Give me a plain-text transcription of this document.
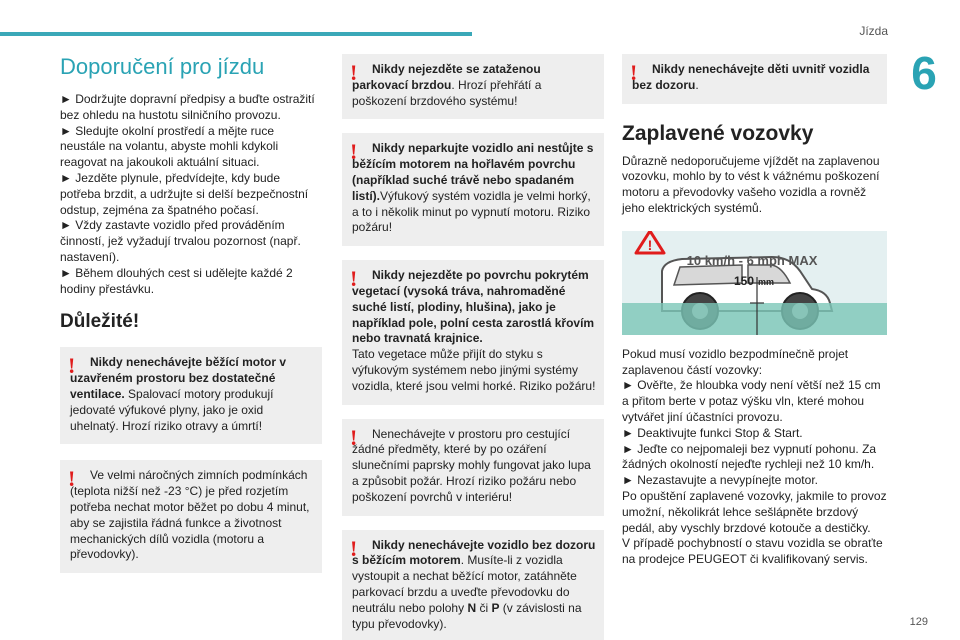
Jízda
6
Doporučení pro jízdu

► Dodržujte dopravní předpisy a buďte ostražití bez ohledu na hustotu silničního provozu.
► Sledujte okolní prostředí a mějte ruce neustále na volantu, abyste mohli kdykoli reagovat na jakoukoli aktuální situaci.
► Jezděte plynule, předvídejte, kdy bude potřeba brzdit, a udržujte si delší bezpečnostní odstup, zejména za špatného počasí.
► Vždy zastavte vozidlo před prováděním činností, jež vyžadují trvalou pozornost (např. nastavení).
► Během dlouhých cest si udělejte každé 2 hodiny přestávku.

Důležité!
! Nikdy nenechávejte běžící motor v uzavřeném prostoru bez dostatečné ventilace. Spalovací motory produkují jedovaté výfukové plyny, jako je oxid uhelnatý. Hrozí riziko otravy a úmrtí!
! Ve velmi náročných zimních podmínkách (teplota nižší než -23 °C) je před rozjetím potřeba nechat motor běžet po dobu 4 minut, aby se zajistila řádná funkce a životnost mechanických dílů vozidla (motoru a převodovky).
! Nikdy nejezděte se zataženou parkovací brzdou. Hrozí přehřátí a poškození brzdového systému!
! Nikdy neparkujte vozidlo ani nestůjte s běžícím motorem na hořlavém povrchu (například suché trávě nebo spadaném listí).Výfukový systém vozidla je velmi horký, a to i několik minut po vypnutí motoru. Riziko požáru!
! Nikdy nejezděte po povrchu pokrytém vegetací (vysoká tráva, nahromaděné suché listí, plodiny, hlušina), jako je například pole, polní cesta zarostlá křovím nebo travnatá krajnice.
Tato vegetace může přijít do styku s výfukovým systémem nebo jinými systémy vozidla, které jsou velmi horké. Riziko požáru!
! Nenechávejte v prostoru pro cestující žádné předměty, které by po ozáření slunečními paprsky mohly fungovat jako lupa a způsobit požár. Hrozí riziko požáru nebo poškození povrchů v interiéru!
! Nikdy nenechávejte vozidlo bez dozoru s běžícím motorem. Musíte-li z vozidla vystoupit a nechat běžící motor, zatáhněte parkovací brzdu a uveďte převodovku do neutrálu nebo polohy N či P (v závislosti na typu převodovky).
! Nikdy nenechávejte děti uvnitř vozidla bez dozoru.
Zaplavené vozovky

Důrazně nedoporučujeme vjíždět na zaplavenou vozovku, mohlo by to vést k vážnému poškození motoru a převodovky vašeho vozidla a rovněž jeho elektrických systémů.

!
10 km/h - 6 mph MAX
150 mm

Pokud musí vozidlo bezpodmínečně projet zaplavenou částí vozovky:
► Ověřte, že hloubka vody není větší než 15 cm a přitom berte v potaz výšku vln, které mohou vytvářet jiní účastníci provozu.
► Deaktivujte funkci Stop & Start.
► Jeďte co nejpomaleji bez vypnutí pohonu. Za žádných okolností nejeďte rychleji než 10 km/h.
► Nezastavujte a nevypínejte motor.
Po opuštění zaplavené vozovky, jakmile to provoz umožní, několikrát lehce sešlápněte brzdový pedál, aby vyschly brzdové kotouče a destičky.
V případě pochybností o stavu vozidla se obraťte na prodejce PEUGEOT či kvalifikovaný servis.

129
